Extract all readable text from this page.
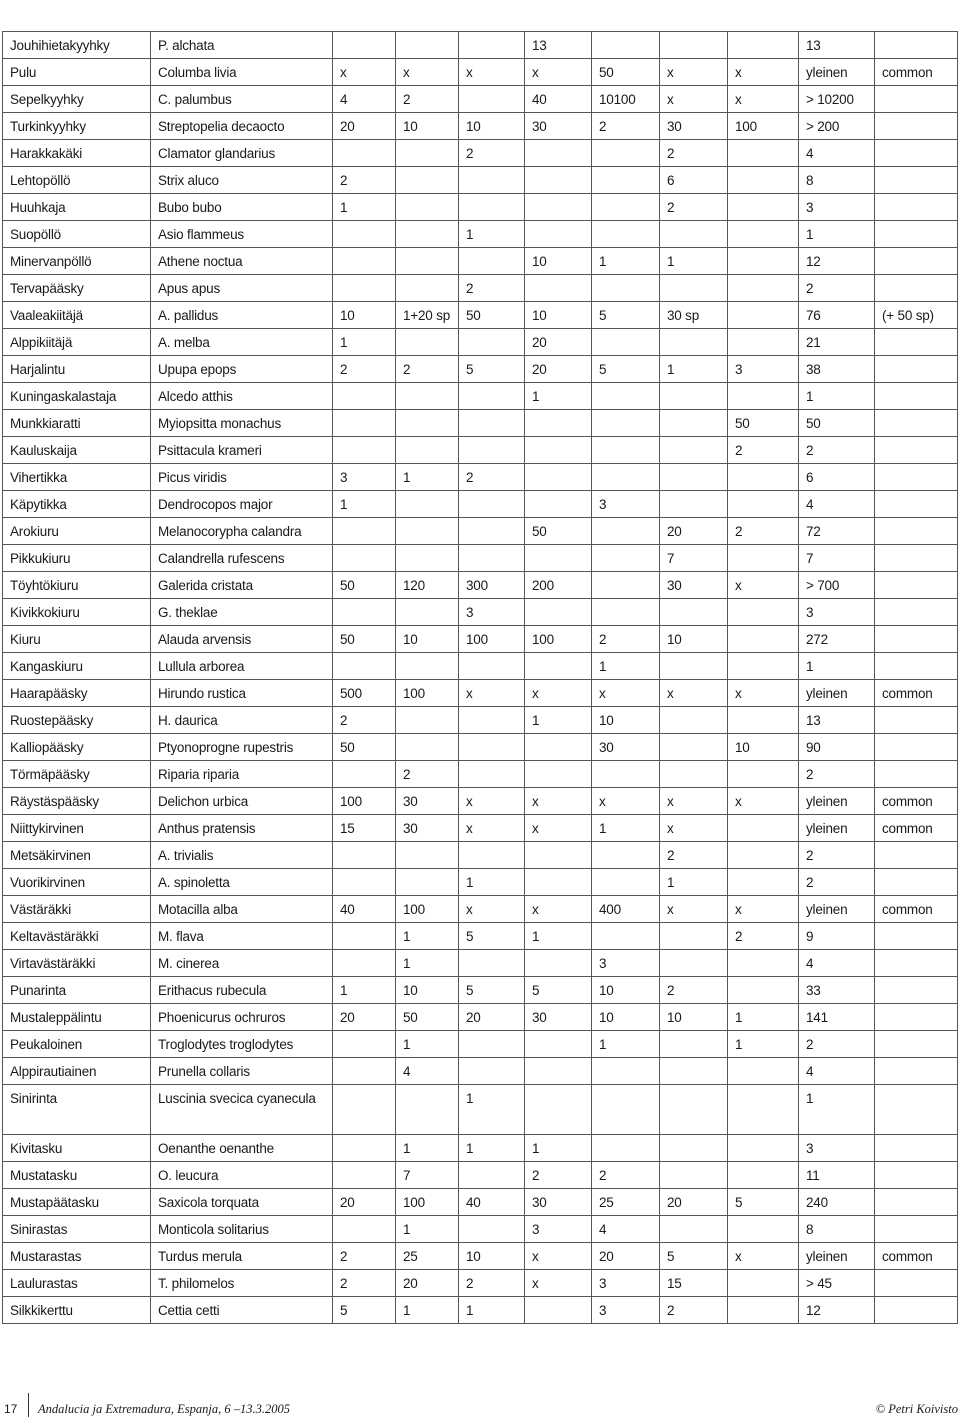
Jouhihietakyyhky	P. alchata				13				13	
Pulu	Columba livia	x	x	x	x	50	x	x	yleinen	common
Sepelkyyhky	C. palumbus	4	2		40	10100	x	x	> 10200	
Turkinkyyhky	Streptopelia decaocto	20	10	10	30	2	30	100	> 200	
Harakkakäki	Clamator glandarius			2			2		4	
Lehtopöllö	Strix aluco	2					6		8	
Huuhkaja	Bubo bubo	1					2		3	
Suopöllö	Asio flammeus			1					1	
Minervanpöllö	Athene noctua				10	1	1		12	
Tervapääsky	Apus apus			2					2	
Vaaleakiitäjä	A. pallidus	10	1+20 sp	50	10	5	30 sp		76	(+ 50 sp)
Alppikiitäjä	A. melba	1			20				21	
Harjalintu	Upupa epops	2	2	5	20	5	1	3	38	
Kuningaskalastaja	Alcedo atthis				1				1	
Munkkiaratti	Myiopsitta monachus							50	50	
Kauluskaija	Psittacula krameri							2	2	
Vihertikka	Picus viridis	3	1	2					6	
Käpytikka	Dendrocopos major	1				3			4	
Arokiuru	Melanocorypha calandra				50		20	2	72	
Pikkukiuru	Calandrella rufescens						7		7	
Töyhtökiuru	Galerida cristata	50	120	300	200		30	x	> 700	
Kivikkokiuru	G. theklae			3					3	
Kiuru	Alauda arvensis	50	10	100	100	2	10		272	
Kangaskiuru	Lullula arborea					1			1	
Haarapääsky	Hirundo rustica	500	100	x	x	x	x	x	yleinen	common
Ruostepääsky	H. daurica	2			1	10			13	
Kalliopääsky	Ptyonoprogne rupestris	50				30		10	90	
Törmäpääsky	Riparia riparia		2						2	
Räystäspääsky	Delichon urbica	100	30	x	x	x	x	x	yleinen	common
Niittykirvinen	Anthus pratensis	15	30	x	x	1	x		yleinen	common
Metsäkirvinen	A. trivialis						2		2	
Vuorikirvinen	A. spinoletta			1			1		2	
Västäräkki	Motacilla alba	40	100	x	x	400	x	x	yleinen	common
Keltavästäräkki	M. flava		1	5	1			2	9	
Virtavästäräkki	M. cinerea		1			3			4	
Punarinta	Erithacus rubecula	1	10	5	5	10	2		33	
Mustaleppälintu	Phoenicurus ochruros	20	50	20	30	10	10	1	141	
Peukaloinen	Troglodytes troglodytes		1			1		1	2	
Alppirautiainen	Prunella collaris		4						4	
Sinirinta	Luscinia svecica cyanecula			1					1	
Kivitasku	Oenanthe oenanthe		1	1	1				3	
Mustatasku	O. leucura		7		2	2			11	
Mustapäätasku	Saxicola torquata	20	100	40	30	25	20	5	240	
Sinirastas	Monticola solitarius		1		3	4			8	
Mustarastas	Turdus merula	2	25	10	x	20	5	x	yleinen	common
Laulurastas	T. philomelos	2	20	2	x	3	15		> 45	
Silkkikerttu	Cettia cetti	5	1	1		3	2		12	
17 Andalucia ja Extremadura, Espanja, 6 –13.3.2005	© Petri Koivisto
